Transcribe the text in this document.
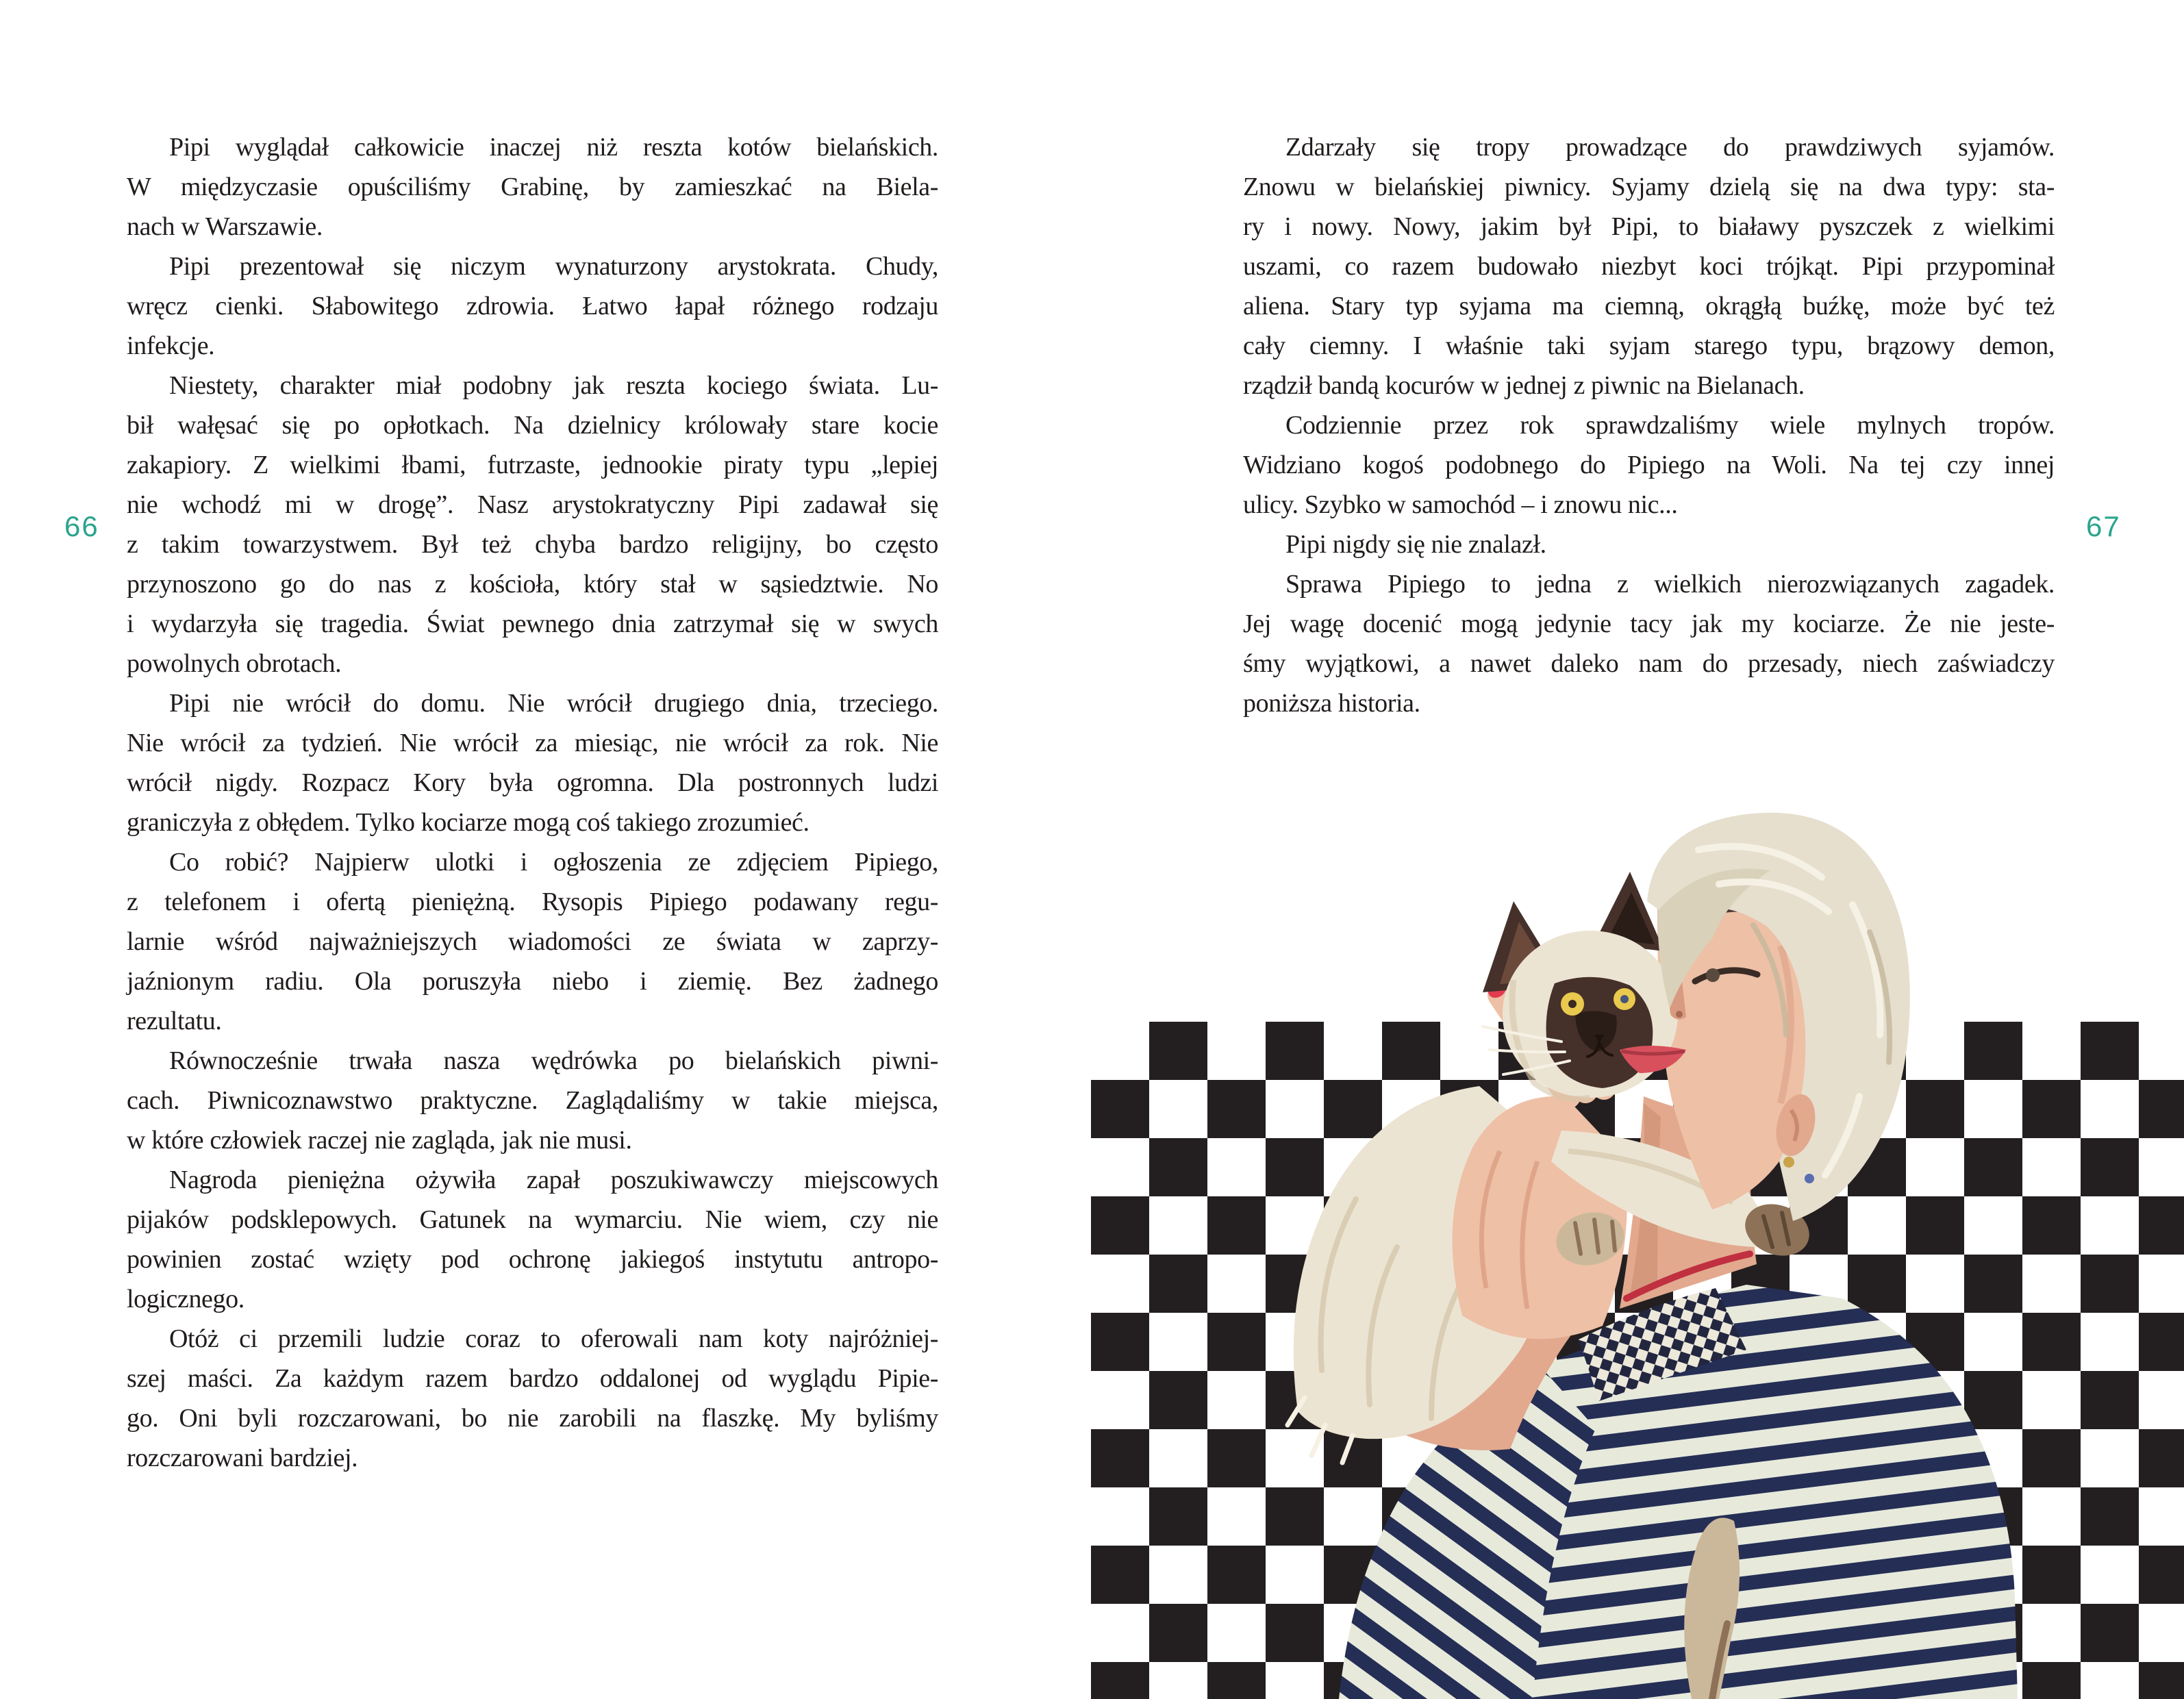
66
Pipi wyglądał całkowicie inaczej niż reszta kotów bielańskich.
W międzyczasie opuściliśmy Grabinę, by zamieszkać na Biela-
nach w Warszawie.
Pipi prezentował się niczym wynaturzony arystokrata. Chudy,
wręcz cienki. Słabowitego zdrowia. Łatwo łapał różnego rodzaju
infekcje.
Niestety, charakter miał podobny jak reszta kociego świata. Lu-
bił wałęsać się po opłotkach. Na dzielnicy królowały stare kocie
zakapiory. Z wielkimi łbami, futrzaste, jednookie piraty typu „lepiej
nie wchodź mi w drogę”. Nasz arystokratyczny Pipi zadawał się
z takim towarzystwem. Był też chyba bardzo religijny, bo często
przynoszono go do nas z kościoła, który stał w sąsiedztwie. No
i wydarzyła się tragedia. Świat pewnego dnia zatrzymał się w swych
powolnych obrotach.
Pipi nie wrócił do domu. Nie wrócił drugiego dnia, trzeciego.
Nie wrócił za tydzień. Nie wrócił za miesiąc, nie wrócił za rok. Nie
wrócił nigdy. Rozpacz Kory była ogromna. Dla postronnych ludzi
graniczyła z obłędem. Tylko kociarze mogą coś takiego zrozumieć.
Co robić? Najpierw ulotki i ogłoszenia ze zdjęciem Pipiego,
z telefonem i ofertą pieniężną. Rysopis Pipiego podawany regu-
larnie wśród najważniejszych wiadomości ze świata w zaprzy-
jaźnionym radiu. Ola poruszyła niebo i ziemię. Bez żadnego
rezultatu.
Równocześnie trwała nasza wędrówka po bielańskich piwni-
cach. Piwnicoznawstwo praktyczne. Zaglądaliśmy w takie miejsca,
w które człowiek raczej nie zagląda, jak nie musi.
Nagroda pieniężna ożywiła zapał poszukiwawczy miejscowych
pijaków podsklepowych. Gatunek na wymarciu. Nie wiem, czy nie
powinien zostać wzięty pod ochronę jakiegoś instytutu antropo-
logicznego.
Otóż ci przemili ludzie coraz to oferowali nam koty najróżniej-
szej maści. Za każdym razem bardzo oddalonej od wyglądu Pipie-
go. Oni byli rozczarowani, bo nie zarobili na flaszkę. My byliśmy
rozczarowani bardziej.
Zdarzały się tropy prowadzące do prawdziwych syjamów.
Znowu w bielańskiej piwnicy. Syjamy dzielą się na dwa typy: sta-
ry i nowy. Nowy, jakim był Pipi, to białawy pyszczek z wielkimi
uszami, co razem budowało niezbyt koci trójkąt. Pipi przypominał
aliena. Stary typ syjama ma ciemną, okrągłą buźkę, może być też
cały ciemny. I właśnie taki syjam starego typu, brązowy demon,
rządził bandą kocurów w jednej z piwnic na Bielanach.
Codziennie przez rok sprawdzaliśmy wiele mylnych tropów.
Widziano kogoś podobnego do Pipiego na Woli. Na tej czy innej
ulicy. Szybko w samochód – i znowu nic...
Pipi nigdy się nie znalazł.
Sprawa Pipiego to jedna z wielkich nierozwiązanych zagadek.
Jej wagę docenić mogą jedynie tacy jak my kociarze. Że nie jeste-
śmy wyjątkowi, a nawet daleko nam do przesady, niech zaświadczy
poniższa historia.
67
